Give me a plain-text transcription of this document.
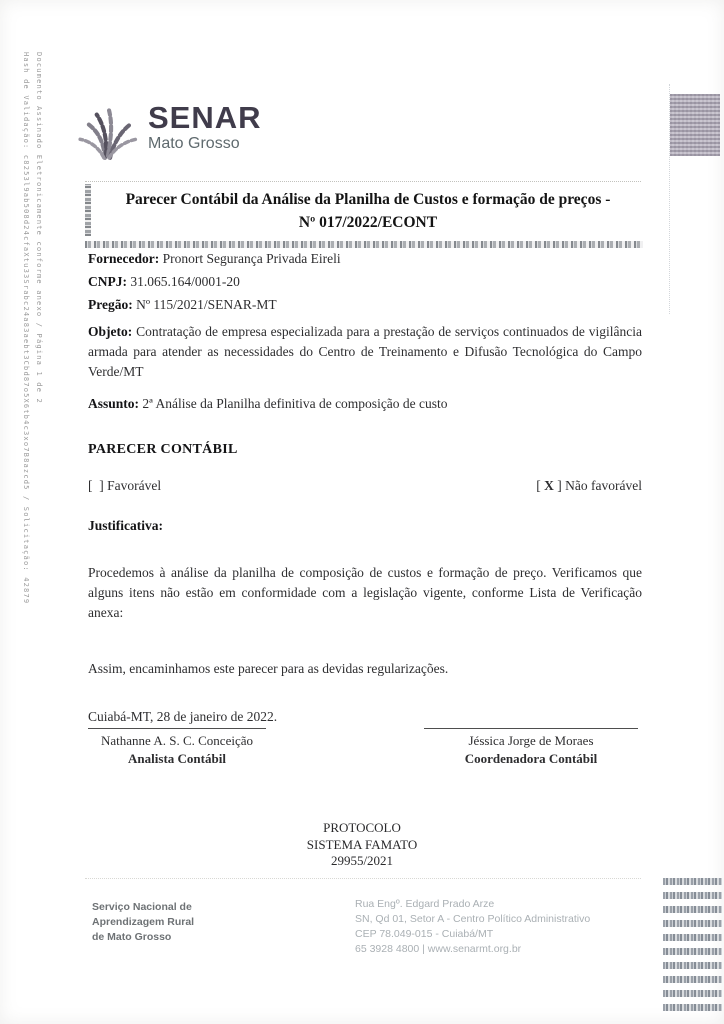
Documento Assinado Eletronicamente conforme anexo / Página 1 de 2
Hash de Validação: c8253l9ab508d24cfaXtu33Srabc24a83aebt3Cbd87o5X6tb4c3xo7B8azcd5 / Solicitação: 42879	SENAR
Mato Grosso
Parecer Contábil da Análise da Planilha de Custos e formação de preços -
Nº 017/2022/ECONT
Fornecedor: Pronort Segurança Privada Eireli
CNPJ: 31.065.164/0001-20
Pregão: Nº 115/2021/SENAR-MT
Objeto: Contratação de empresa especializada para a prestação de serviços continuados de vigilância armada para atender as necessidades do Centro de Treinamento e Difusão Tecnológica do Campo Verde/MT
Assunto: 2ª Análise da Planilha definitiva de composição de custo
PARECER CONTÁBIL
[  ] Favorável	[ X ] Não favorável
Justificativa:
Procedemos à análise da planilha de composição de custos e formação de preço. Verificamos que alguns itens não estão em conformidade com a legislação vigente, conforme Lista de Verificação anexa:
Assim, encaminhamos este parecer para as devidas regularizações.
Cuiabá-MT, 28 de janeiro de 2022.
Nathanne A. S. C. Conceição
Analista Contábil
Jéssica Jorge de Moraes
Coordenadora Contábil
PROTOCOLO
SISTEMA FAMATO
29955/2021
Serviço Nacional de
Aprendizagem Rural
de Mato Grosso
Rua Engº. Edgard Prado Arze
SN, Qd 01, Setor A - Centro Político Administrativo
CEP 78.049-015 - Cuiabá/MT
65 3928 4800 | www.senarmt.org.br
